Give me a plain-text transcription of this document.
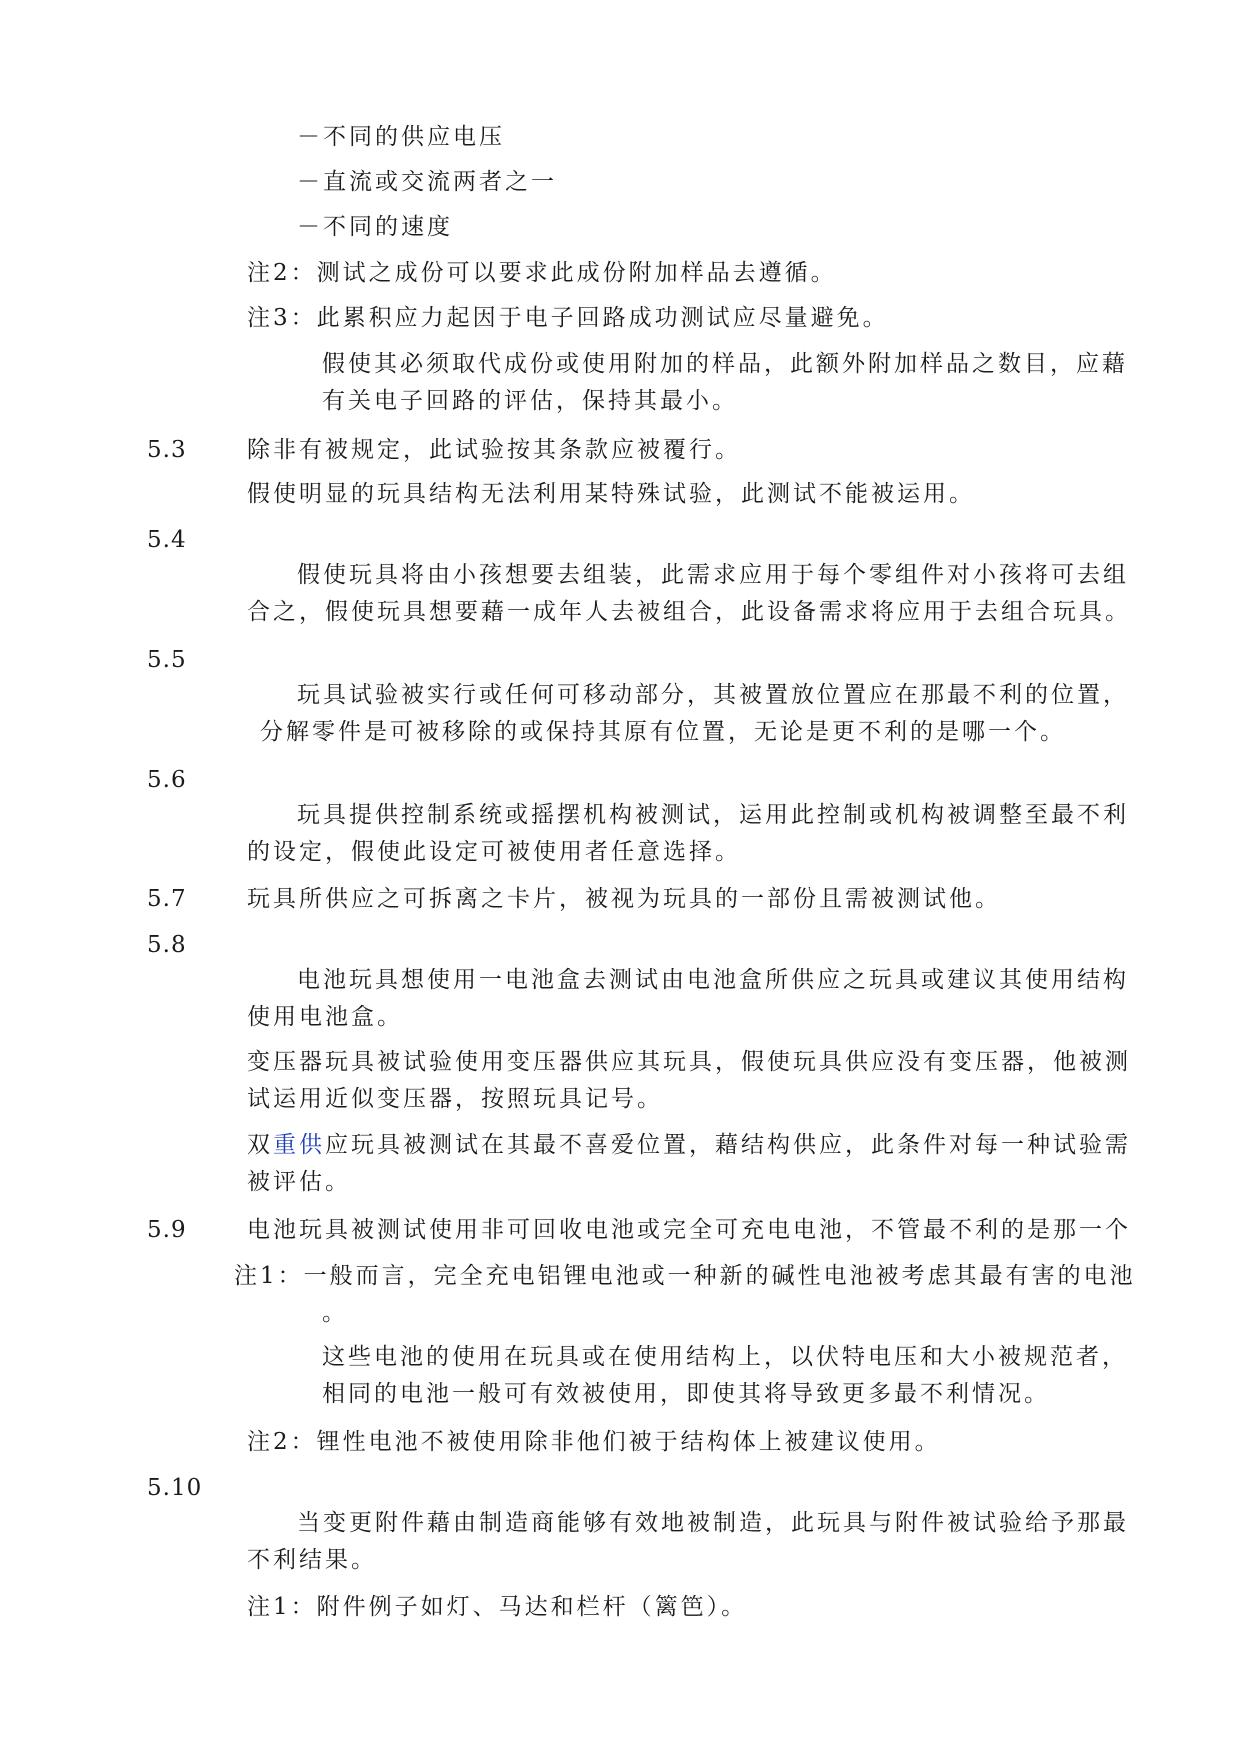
－不同的供应电压
－直流或交流两者之一
－不同的速度
注2：测试之成份可以要求此成份附加样品去遵循。
注3：此累积应力起因于电子回路成功测试应尽量避免。
假使其必须取代成份或使用附加的样品，此额外附加样品之数目，应藉
有关电子回路的评估，保持其最小。
5.3	除非有被规定，此试验按其条款应被覆行。
假使明显的玩具结构无法利用某特殊试验，此测试不能被运用。
5.4
假使玩具将由小孩想要去组装，此需求应用于每个零组件对小孩将可去组
合之，假使玩具想要藉一成年人去被组合，此设备需求将应用于去组合玩具。
5.5
玩具试验被实行或任何可移动部分，其被置放位置应在那最不利的位置，
分解零件是可被移除的或保持其原有位置，无论是更不利的是哪一个。
5.6
玩具提供控制系统或摇摆机构被测试，运用此控制或机构被调整至最不利
的设定，假使此设定可被使用者任意选择。
5.7	玩具所供应之可拆离之卡片，被视为玩具的一部份且需被测试他。
5.8
电池玩具想使用一电池盒去测试由电池盒所供应之玩具或建议其使用结构
使用电池盒。
变压器玩具被试验使用变压器供应其玩具，假使玩具供应没有变压器，他被测
试运用近似变压器，按照玩具记号。
双重供应玩具被测试在其最不喜爱位置，藉结构供应，此条件对每一种试验需
被评估。
5.9	电池玩具被测试使用非可回收电池或完全可充电电池，不管最不利的是那一个
注1：一般而言，完全充电铝锂电池或一种新的碱性电池被考虑其最有害的电池
。
这些电池的使用在玩具或在使用结构上，以伏特电压和大小被规范者，
相同的电池一般可有效被使用，即使其将导致更多最不利情况。
注2：锂性电池不被使用除非他们被于结构体上被建议使用。
5.10
当变更附件藉由制造商能够有效地被制造，此玩具与附件被试验给予那最
不利结果。
注1：附件例子如灯、马达和栏杆（篱笆）。
